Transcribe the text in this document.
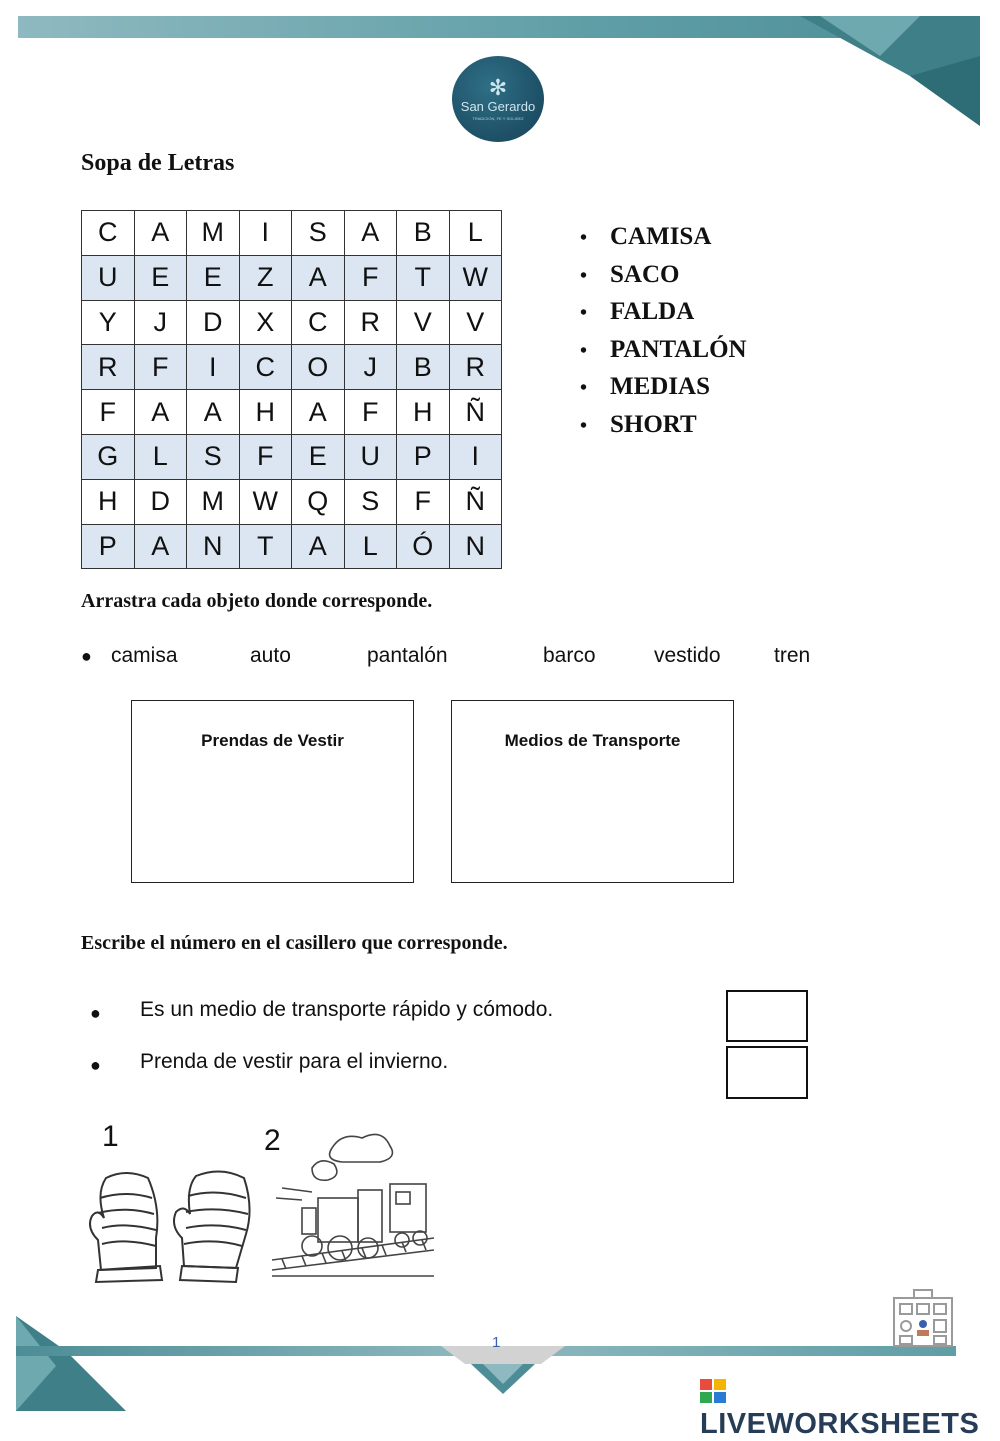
1
✻
San Gerardo
TRADICION, FE Y SOLIDEZ
Sopa de Letras
C	A	M	I	S	A	B	L
U	E	E	Z	A	F	T	W
Y	J	D	X	C	R	V	V
R	F	I	C	O	J	B	R
F	A	A	H	A	F	H	Ñ
G	L	S	F	E	U	P	I
H	D	M	W	Q	S	F	Ñ
P	A	N	T	A	L	Ó	N
• CAMISA
• SACO
• FALDA
• PANTALÓN
• MEDIAS
• SHORT
Arrastra cada objeto donde corresponde.
● camisa	auto	pantalón	barco	vestido	tren
Prendas de Vestir	Medios de Transporte
Escribe el número en el casillero que corresponde.
● Es un medio de transporte rápido y cómodo.
● Prenda de vestir para el invierno.
1	2
LIVEWORKSHEETS
